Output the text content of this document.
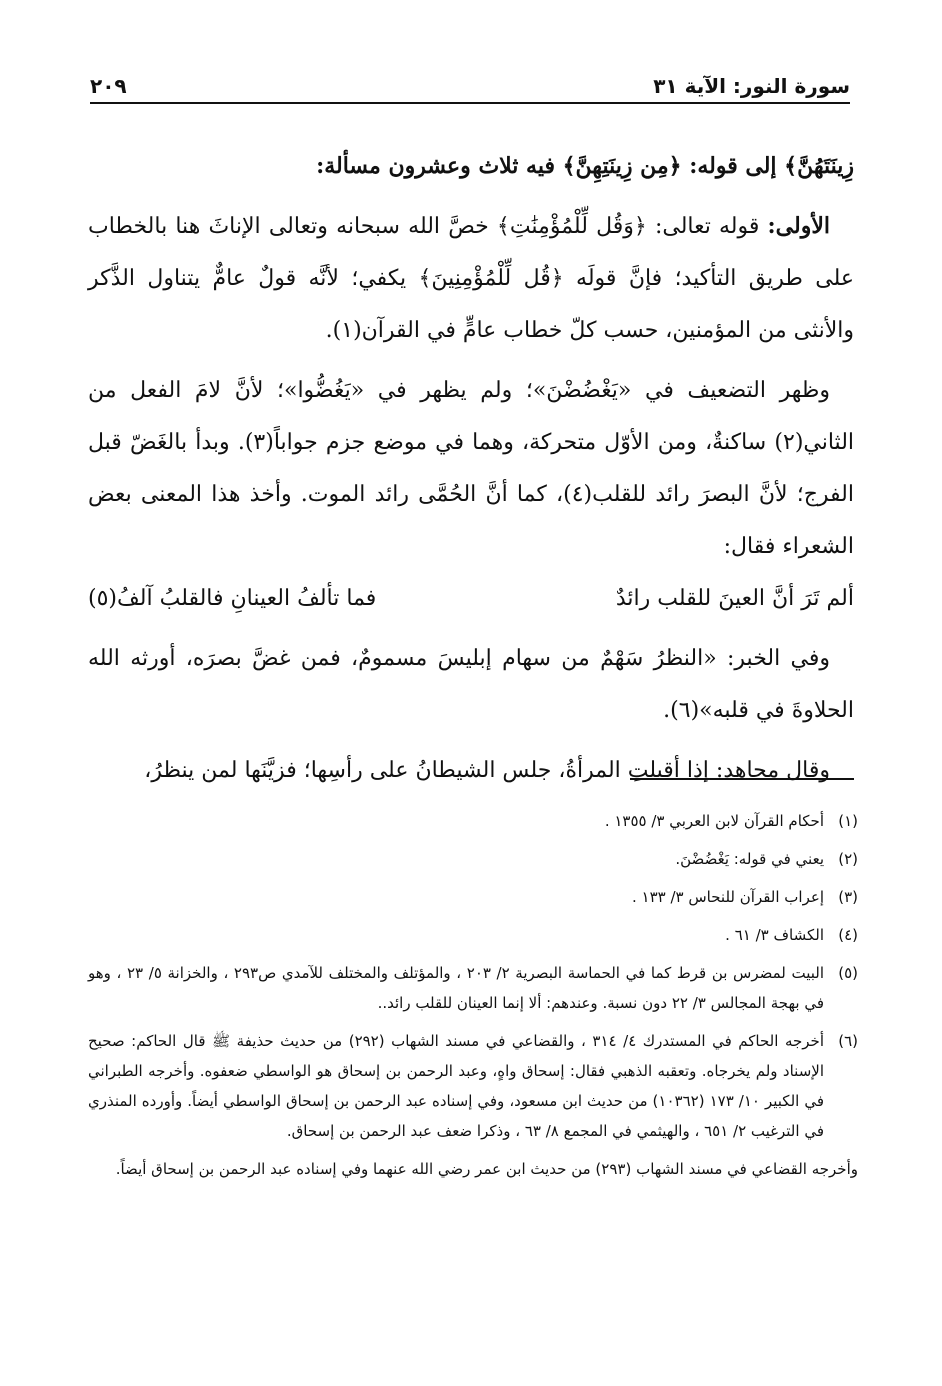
سورة النور: الآية ٣١
٢٠٩

زِينَتَهُنَّ﴾ إلى قوله: ﴿مِن زِينَتِهِنَّ﴾ فيه ثلاث وعشرون مسألة:

الأولى: قوله تعالى: ﴿وَقُل لِّلْمُؤْمِنَٰتِ﴾ خصَّ الله سبحانه وتعالى الإناثَ هنا بالخطاب على طريق التأكيد؛ فإنَّ قولَه ﴿قُل لِّلْمُؤْمِنِينَ﴾ يكفي؛ لأنَّه قولٌ عامٌّ يتناول الذَّكر والأنثى من المؤمنين، حسب كلّ خطاب عامٍّ في القرآن(١).

وظهر التضعيف في «يَغْضُضْنَ»؛ ولم يظهر في «يَغُضُّوا»؛ لأنَّ لامَ الفعل من الثاني(٢) ساكنةٌ، ومن الأوّل متحركة، وهما في موضع جزم جواباً(٣). وبدأ بالغَضّ قبل الفرج؛ لأنَّ البصرَ رائد للقلب(٤)، كما أنَّ الحُمَّى رائد الموت. وأخذ هذا المعنى بعض الشعراء فقال:

ألم تَرَ أنَّ العينَ للقلب رائدٌ
فما تألفُ العينانِ فالقلبُ آلفُ(٥)

وفي الخبر: «النظرُ سَهْمٌ من سهام إبليسَ مسمومٌ، فمن غضَّ بصرَه، أورثه الله الحلاوةَ في قلبه»(٦).

وقال مجاهد: إذا أقبلتِ المرأةُ، جلس الشيطانُ على رأسِها؛ فزيَّنَها لمن ينظرُ،

(١)
أحكام القرآن لابن العربي ٣/ ١٣٥٥ .
(٢)
يعني في قوله: يَغْضُضْنَ.
(٣)
إعراب القرآن للنحاس ٣/ ١٣٣ .
(٤)
الكشاف ٣/ ٦١ .
(٥)
البيت لمضرس بن قرط كما في الحماسة البصرية ٢/ ٢٠٣ ، والمؤتلف والمختلف للآمدي ص٢٩٣ ، والخزانة ٥/ ٢٣ ، وهو في بهجة المجالس ٣/ ٢٢ دون نسبة. وعندهم: ألا إنما العينان للقلب رائد..
(٦)
أخرجه الحاكم في المستدرك ٤/ ٣١٤ ، والقضاعي في مسند الشهاب (٢٩٢) من حديث حذيفة ﷺ قال الحاكم: صحيح الإسناد ولم يخرجاه. وتعقبه الذهبي فقال: إسحاق واهٍ، وعبد الرحمن بن إسحاق هو الواسطي ضعفوه. وأخرجه الطبراني في الكبير ١٠/ ١٧٣ (١٠٣٦٢) من حديث ابن مسعود، وفي إسناده عبد الرحمن بن إسحاق الواسطي أيضاً. وأورده المنذري في الترغيب ٢/ ٦٥١ ، والهيثمي في المجمع ٨/ ٦٣ ، وذكرا ضعف عبد الرحمن بن إسحاق.
وأخرجه القضاعي في مسند الشهاب (٢٩٣) من حديث ابن عمر رضي الله عنهما وفي إسناده عبد الرحمن بن إسحاق أيضاً.
